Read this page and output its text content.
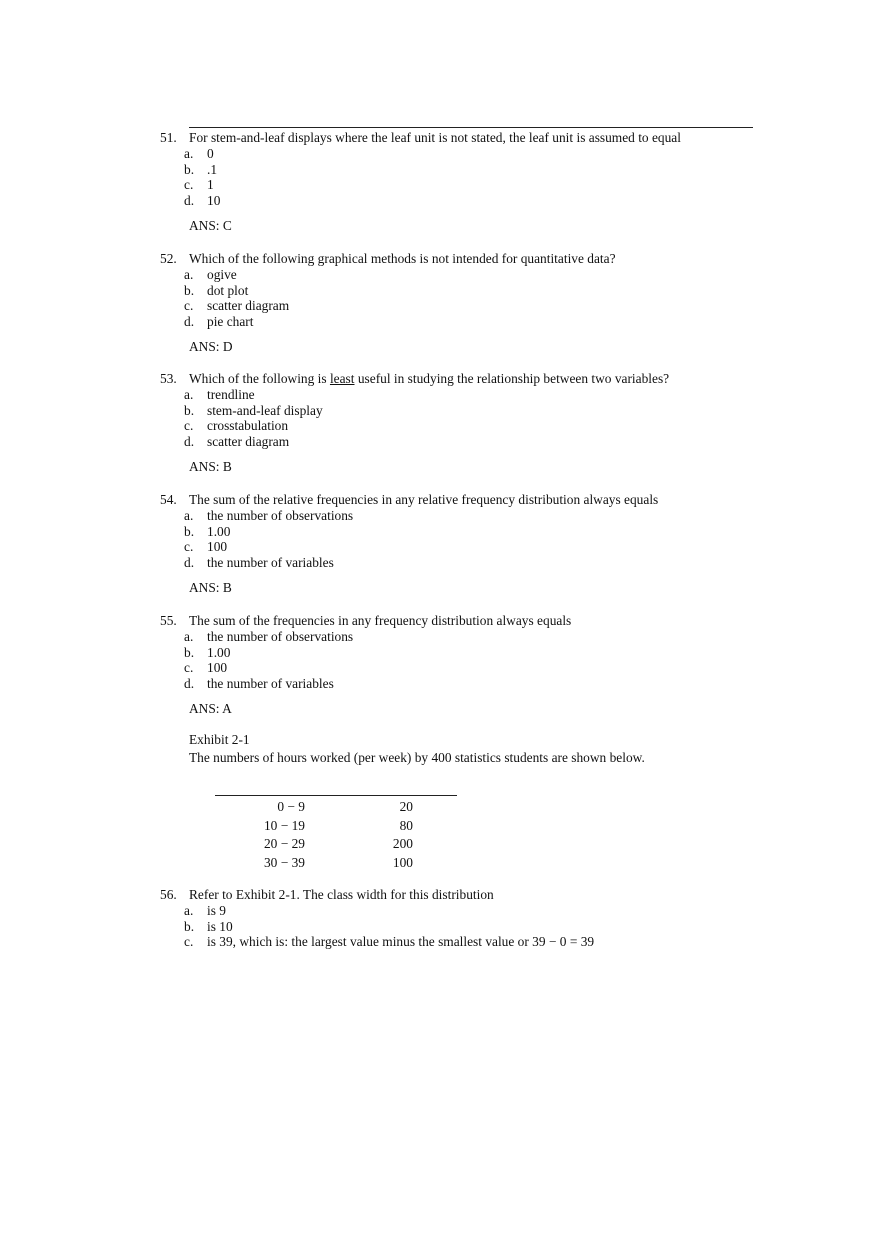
51. For stem-and-leaf displays where the leaf unit is not stated, the leaf unit is assumed to equal
a.	0
b. .1
c.	1
d. 10
ANS: C
52. Which of the following graphical methods is not intended for quantitative data?
a.	ogive
b. dot plot
c.	scatter diagram
d. pie chart
ANS: D
53. Which of the following is least useful in studying the relationship between two variables?
a.	trendline
b. stem-and-leaf display
c.	crosstabulation
d. scatter diagram
ANS: B
54. The sum of the relative frequencies in any relative frequency distribution always equals
a.	the number of observations
b. 1.00
c.	100
d. the number of variables
ANS: B
55. The sum of the frequencies in any frequency distribution always equals
a.	the number of observations
b. 1.00
c.	100
d. the number of variables
ANS: A
Exhibit 2-1
The numbers of hours worked (per week) by 400 statistics students are shown below.
0 − 9	20
10 − 19	80
20 − 29	200
30 − 39	100
56. Refer to Exhibit 2-1. The class width for this distribution
a.	is 9
b. is 10
c.	is 39, which is: the largest value minus the smallest value or 39 − 0 = 39
